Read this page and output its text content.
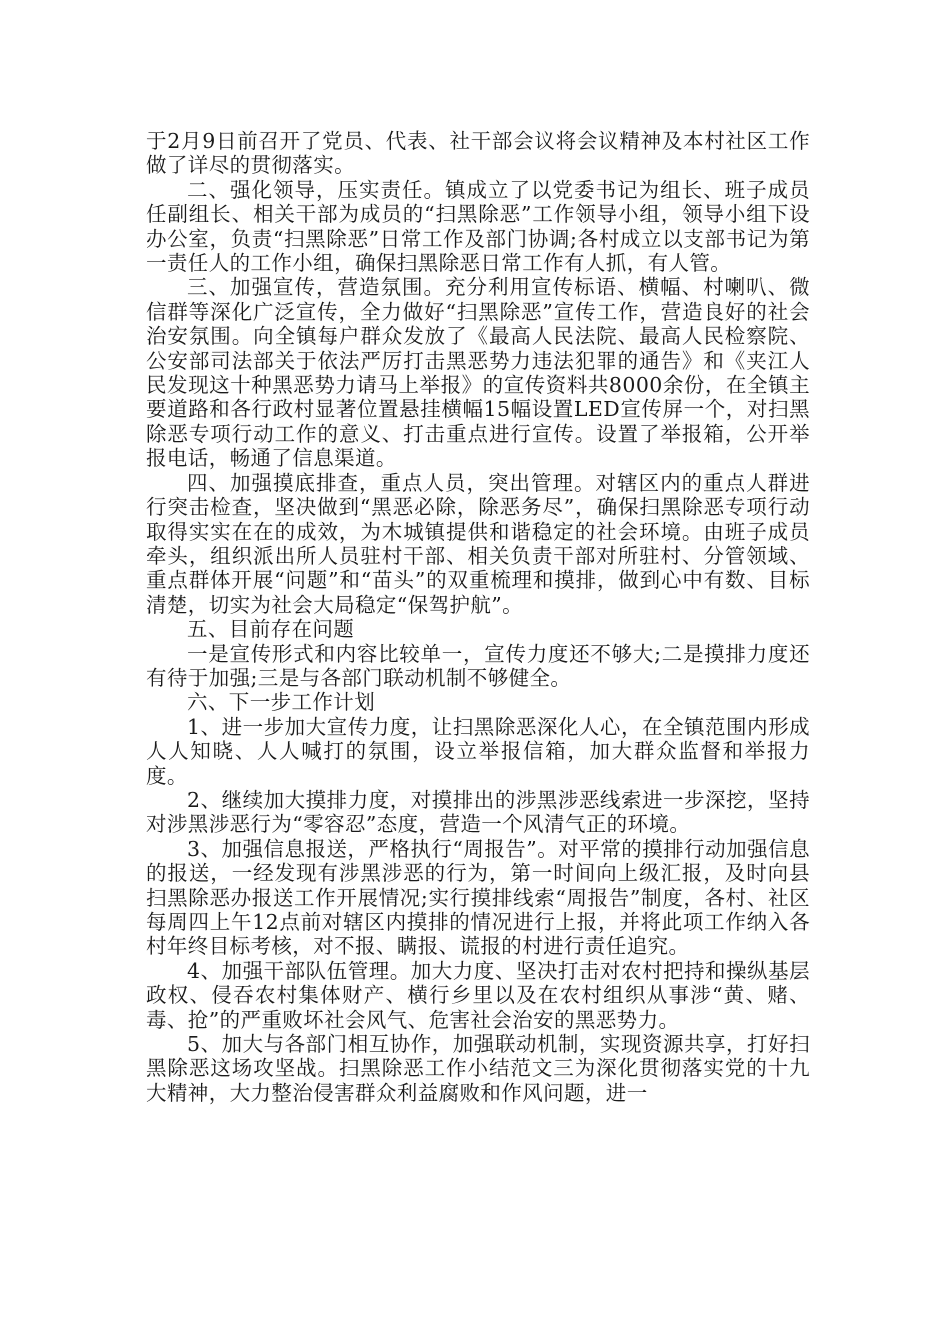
于2月9日前召开了党员、代表、社干部会议将会议精神及本村社区工作做了详尽的贯彻落实。

二、强化领导，压实责任。镇成立了以党委书记为组长、班子成员任副组长、相关干部为成员的“扫黑除恶”工作领导小组，领导小组下设办公室，负责“扫黑除恶”日常工作及部门协调;各村成立以支部书记为第一责任人的工作小组，确保扫黑除恶日常工作有人抓，有人管。

三、加强宣传，营造氛围。充分利用宣传标语、横幅、村喇叭、微信群等深化广泛宣传，全力做好“扫黑除恶”宣传工作，营造良好的社会治安氛围。向全镇每户群众发放了《最高人民法院、最高人民检察院、公安部司法部关于依法严厉打击黑恶势力违法犯罪的通告》和《夹江人民发现这十种黑恶势力请马上举报》的宣传资料共8000余份，在全镇主要道路和各行政村显著位置悬挂横幅15幅设置LED宣传屏一个，对扫黑除恶专项行动工作的意义、打击重点进行宣传。设置了举报箱，公开举报电话，畅通了信息渠道。

四、加强摸底排查，重点人员，突出管理。对辖区内的重点人群进行突击检查，坚决做到“黑恶必除，除恶务尽”，确保扫黑除恶专项行动取得实实在在的成效，为木城镇提供和谐稳定的社会环境。由班子成员牵头，组织派出所人员驻村干部、相关负责干部对所驻村、分管领域、重点群体开展“问题”和“苗头”的双重梳理和摸排，做到心中有数、目标清楚，切实为社会大局稳定“保驾护航”。

五、目前存在问题

一是宣传形式和内容比较单一，宣传力度还不够大;二是摸排力度还有待于加强;三是与各部门联动机制不够健全。

六、下一步工作计划

1、进一步加大宣传力度，让扫黑除恶深化人心，在全镇范围内形成人人知晓、人人喊打的氛围，设立举报信箱，加大群众监督和举报力度。

2、继续加大摸排力度，对摸排出的涉黑涉恶线索进一步深挖，坚持对涉黑涉恶行为“零容忍”态度，营造一个风清气正的环境。

3、加强信息报送，严格执行“周报告”。对平常的摸排行动加强信息的报送，一经发现有涉黑涉恶的行为，第一时间向上级汇报，及时向县扫黑除恶办报送工作开展情况;实行摸排线索“周报告”制度，各村、社区每周四上午12点前对辖区内摸排的情况进行上报，并将此项工作纳入各村年终目标考核，对不报、瞒报、谎报的村进行责任追究。

4、加强干部队伍管理。加大力度、坚决打击对农村把持和操纵基层政权、侵吞农村集体财产、横行乡里以及在农村组织从事涉“黄、赌、毒、抢”的严重败坏社会风气、危害社会治安的黑恶势力。

5、加大与各部门相互协作，加强联动机制，实现资源共享，打好扫黑除恶这场攻坚战。扫黑除恶工作小结范文三为深化贯彻落实党的十九大精神，大力整治侵害群众利益腐败和作风问题，进一
